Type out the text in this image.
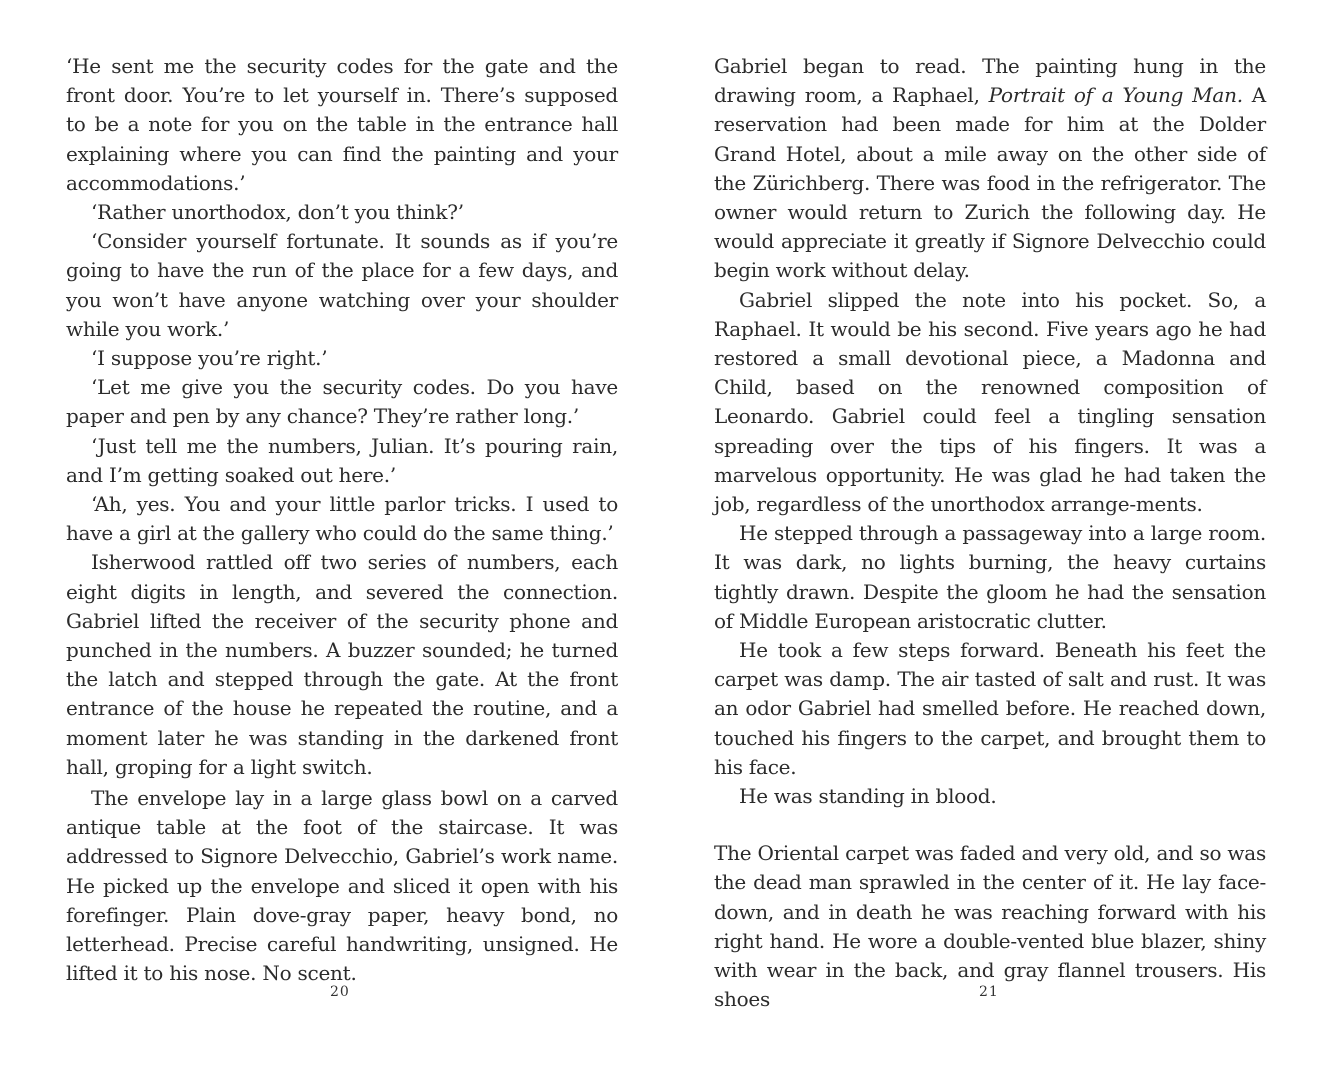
‘He sent me the security codes for the gate and the front door. You’re to let yourself in. There’s supposed to be a note for you on the table in the entrance hall explaining where you can find the painting and your accommodations.’

‘Rather unorthodox, don’t you think?’

‘Consider yourself fortunate. It sounds as if you’re going to have the run of the place for a few days, and you won’t have anyone watching over your shoulder while you work.’

‘I suppose you’re right.’

‘Let me give you the security codes. Do you have paper and pen by any chance? They’re rather long.’

‘Just tell me the numbers, Julian. It’s pouring rain, and I’m getting soaked out here.’

‘Ah, yes. You and your little parlor tricks. I used to have a girl at the gallery who could do the same thing.’

Isherwood rattled off two series of numbers, each eight digits in length, and severed the connection. Gabriel lifted the receiver of the security phone and punched in the numbers. A buzzer sounded; he turned the latch and stepped through the gate. At the front entrance of the house he repeated the routine, and a moment later he was standing in the darkened front hall, groping for a light switch.

The envelope lay in a large glass bowl on a carved antique table at the foot of the staircase. It was addressed to Signore Delvecchio, Gabriel’s work name. He picked up the envelope and sliced it open with his forefinger. Plain dove-gray paper, heavy bond, no letterhead. Precise careful handwriting, unsigned. He lifted it to his nose. No scent.

Gabriel began to read. The painting hung in the drawing room, a Raphael, Portrait of a Young Man. A reservation had been made for him at the Dolder Grand Hotel, about a mile away on the other side of the Zürichberg. There was food in the refrigerator. The owner would return to Zurich the following day. He would appreciate it greatly if Signore Delvecchio could begin work without delay.

Gabriel slipped the note into his pocket. So, a Raphael. It would be his second. Five years ago he had restored a small devotional piece, a Madonna and Child, based on the renowned composition of Leonardo. Gabriel could feel a tingling sensation spreading over the tips of his fingers. It was a marvelous opportunity. He was glad he had taken the job, regardless of the unorthodox arrange-ments.

He stepped through a passageway into a large room. It was dark, no lights burning, the heavy curtains tightly drawn. Despite the gloom he had the sensation of Middle European aristocratic clutter.

He took a few steps forward. Beneath his feet the carpet was damp. The air tasted of salt and rust. It was an odor Gabriel had smelled before. He reached down, touched his fingers to the carpet, and brought them to his face.

He was standing in blood.

The Oriental carpet was faded and very old, and so was the dead man sprawled in the center of it. He lay face-down, and in death he was reaching forward with his right hand. He wore a double-vented blue blazer, shiny with wear in the back, and gray flannel trousers. His shoes

20	21
